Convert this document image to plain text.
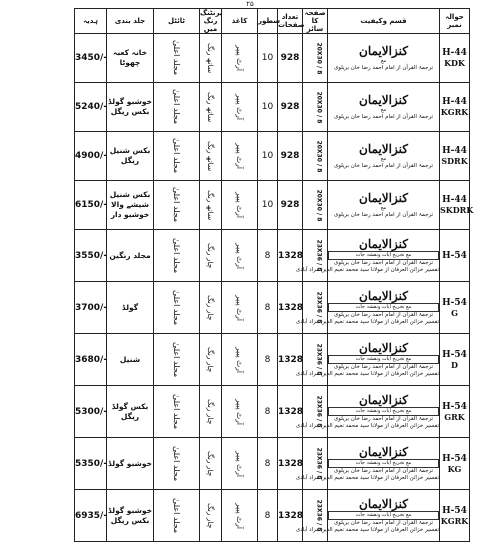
۲۵
ہدیہ	جلد بندی	ٹائٹل	پرنٹنگ رنگ میں	کاغذ	سطور	تعداد صفحات	صفحہ کا سائز	قسم وکیفیت	حوالہ نمبر
3450/-	خانہ کعبہ چھوٹا	مجلد اعلیٰ	ساتھ رنگ	آرٹ پیپر	10	928	20X30 / 8	کنزالایمان
مع
ترجمۃ القرآن از امام احمد رضا خان بریلوی	H-44
KDK

5240/-	خوشبو گولڈ بکس ریگل	مجلد اعلیٰ	ساتھ رنگ	آرٹ پیپر	10	928	20X30 / 8	کنزالایمان
مع
ترجمۃ القرآن از امام احمد رضا خان بریلوی	H-44
KGRK

4900/-	بکس شنیل ریگل	مجلد اعلیٰ	ساتھ رنگ	آرٹ پیپر	10	928	20X30 / 8	کنزالایمان
مع
ترجمۃ القرآن از امام احمد رضا خان بریلوی	H-44
SDRK

6150/-	بکس شنیل شیشے والا خوشبو دار	مجلد اعلیٰ	ساتھ رنگ	آرٹ پیپر	10	928	20X30 / 8	کنزالایمان
مع
ترجمۃ القرآن از امام احمد رضا خان بریلوی	H-44
SKDRK

3550/-	مجلد رنگین	مجلد اعلیٰ	چار رنگ	آرٹ پیپر	8	1328	23X36 / 8	کنزالایمان
مع تخریج آیات ونقشہ جات
ترجمۃ القرآن از امام احمد رضا خان بریلوی
تفسیر خزائن العرفان از مولانا سید محمد نعیم الدین مراد آبادی	H-54

3700/-	گولڈ	مجلد اعلیٰ	چار رنگ	آرٹ پیپر	8	1328	23X36 / 8	کنزالایمان
مع تخریج آیات ونقشہ جات
ترجمۃ القرآن از امام احمد رضا خان بریلوی
تفسیر خزائن العرفان از مولانا سید محمد نعیم الدین مراد آبادی	H-54
G

3680/-	شنیل	مجلد اعلیٰ	چار رنگ	آرٹ پیپر	8	1328	23X36 / 8	کنزالایمان
مع تخریج آیات ونقشہ جات
ترجمۃ القرآن از امام احمد رضا خان بریلوی
تفسیر خزائن العرفان از مولانا سید محمد نعیم الدین مراد آبادی	H-54
D

5300/-	بکس گولڈ ریگل	مجلد اعلیٰ	چار رنگ	آرٹ پیپر	8	1328	23X36 / 8	کنزالایمان
مع تخریج آیات ونقشہ جات
ترجمۃ القرآن از امام احمد رضا خان بریلوی
تفسیر خزائن العرفان از مولانا سید محمد نعیم الدین مراد آبادی	H-54
GRK

5350/-	خوشبو گولڈ	مجلد اعلیٰ	چار رنگ	آرٹ پیپر	8	1328	23X36 / 8	کنزالایمان
مع تخریج آیات ونقشہ جات
ترجمۃ القرآن از امام احمد رضا خان بریلوی
تفسیر خزائن العرفان از مولانا سید محمد نعیم الدین مراد آبادی	H-54
KG

6935/-	خوشبو گولڈ بکس ریگل	مجلد اعلیٰ	چار رنگ	آرٹ پیپر	8	1328	23X36 / 8	کنزالایمان
مع تخریج آیات ونقشہ جات
ترجمۃ القرآن از امام احمد رضا خان بریلوی
تفسیر خزائن العرفان از مولانا سید محمد نعیم الدین مراد آبادی	H-54
KGRK
